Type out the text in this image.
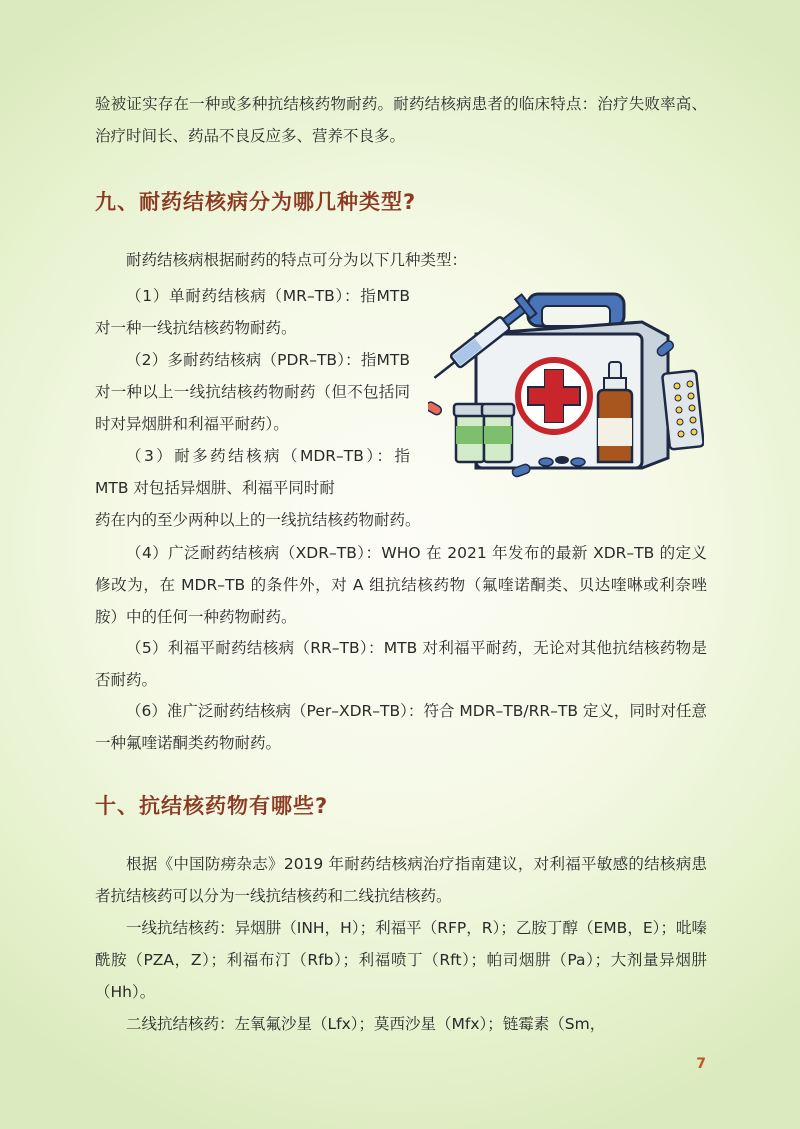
验被证实存在一种或多种抗结核药物耐药。耐药结核病患者的临床特点：治疗失败率高、治疗时间长、药品不良反应多、营养不良多。

九、耐药结核病分为哪几种类型?

耐药结核病根据耐药的特点可分为以下几种类型：

（1）单耐药结核病（MR–TB）：指MTB 对一种一线抗结核药物耐药。

（2）多耐药结核病（PDR–TB）：指MTB 对一种以上一线抗结核药物耐药（但不包括同时对异烟肼和利福平耐药）。

（3）耐多药结核病（MDR–TB）：指 MTB 对包括异烟肼、利福平同时耐

药在内的至少两种以上的一线抗结核药物耐药。

（4）广泛耐药结核病（XDR–TB）：WHO 在 2021 年发布的最新 XDR–TB 的定义修改为，在 MDR–TB 的条件外，对 A 组抗结核药物（氟喹诺酮类、贝达喹啉或利奈唑胺）中的任何一种药物耐药。

（5）利福平耐药结核病（RR–TB）：MTB 对利福平耐药，无论对其他抗结核药物是否耐药。

（6）准广泛耐药结核病（Per–XDR–TB）：符合 MDR–TB/RR–TB 定义，同时对任意一种氟喹诺酮类药物耐药。

十、抗结核药物有哪些?

根据《中国防痨杂志》2019 年耐药结核病治疗指南建议，对利福平敏感的结核病患者抗结核药可以分为一线抗结核药和二线抗结核药。

一线抗结核药：异烟肼（INH，H）；利福平（RFP，R）；乙胺丁醇（EMB，E）；吡嗪酰胺（PZA，Z）；利福布汀（Rfb）；利福喷丁（Rft）；帕司烟肼（Pa）；大剂量异烟肼（Hh）。

二线抗结核药：左氧氟沙星（Lfx）；莫西沙星（Mfx）；链霉素（Sm，

7
